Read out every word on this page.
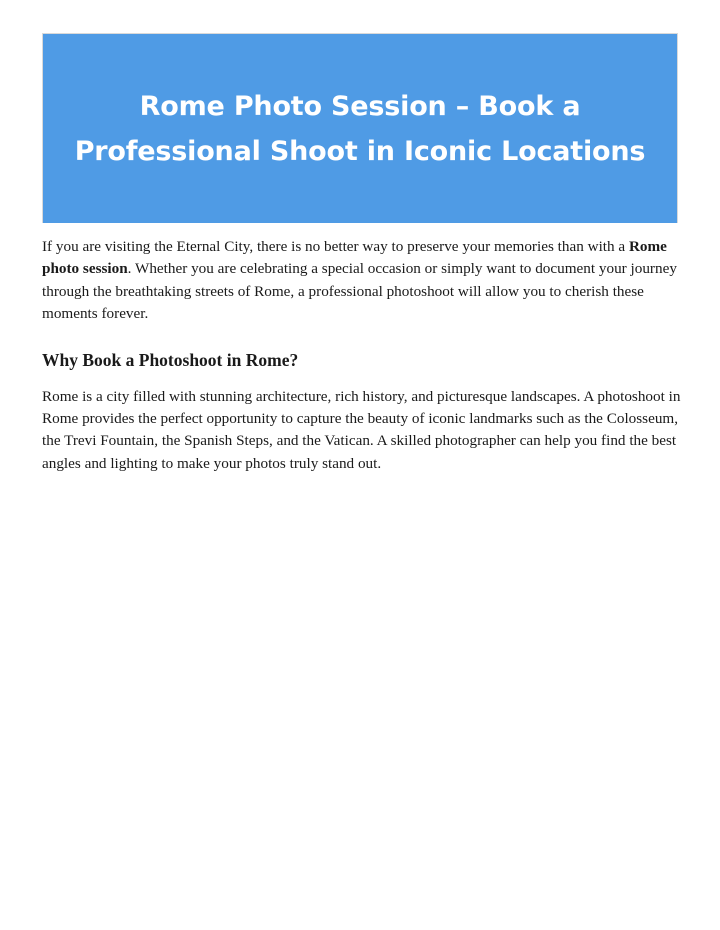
Rome Photo Session – Book a Professional Shoot in Iconic Locations

If you are visiting the Eternal City, there is no better way to preserve your memories than with a Rome photo session. Whether you are celebrating a special occasion or simply want to document your journey through the breathtaking streets of Rome, a professional photoshoot will allow you to cherish these moments forever.

Why Book a Photoshoot in Rome?

Rome is a city filled with stunning architecture, rich history, and picturesque landscapes. A photoshoot in Rome provides the perfect opportunity to capture the beauty of iconic landmarks such as the Colosseum, the Trevi Fountain, the Spanish Steps, and the Vatican. A skilled photographer can help you find the best angles and lighting to make your photos truly stand out.
